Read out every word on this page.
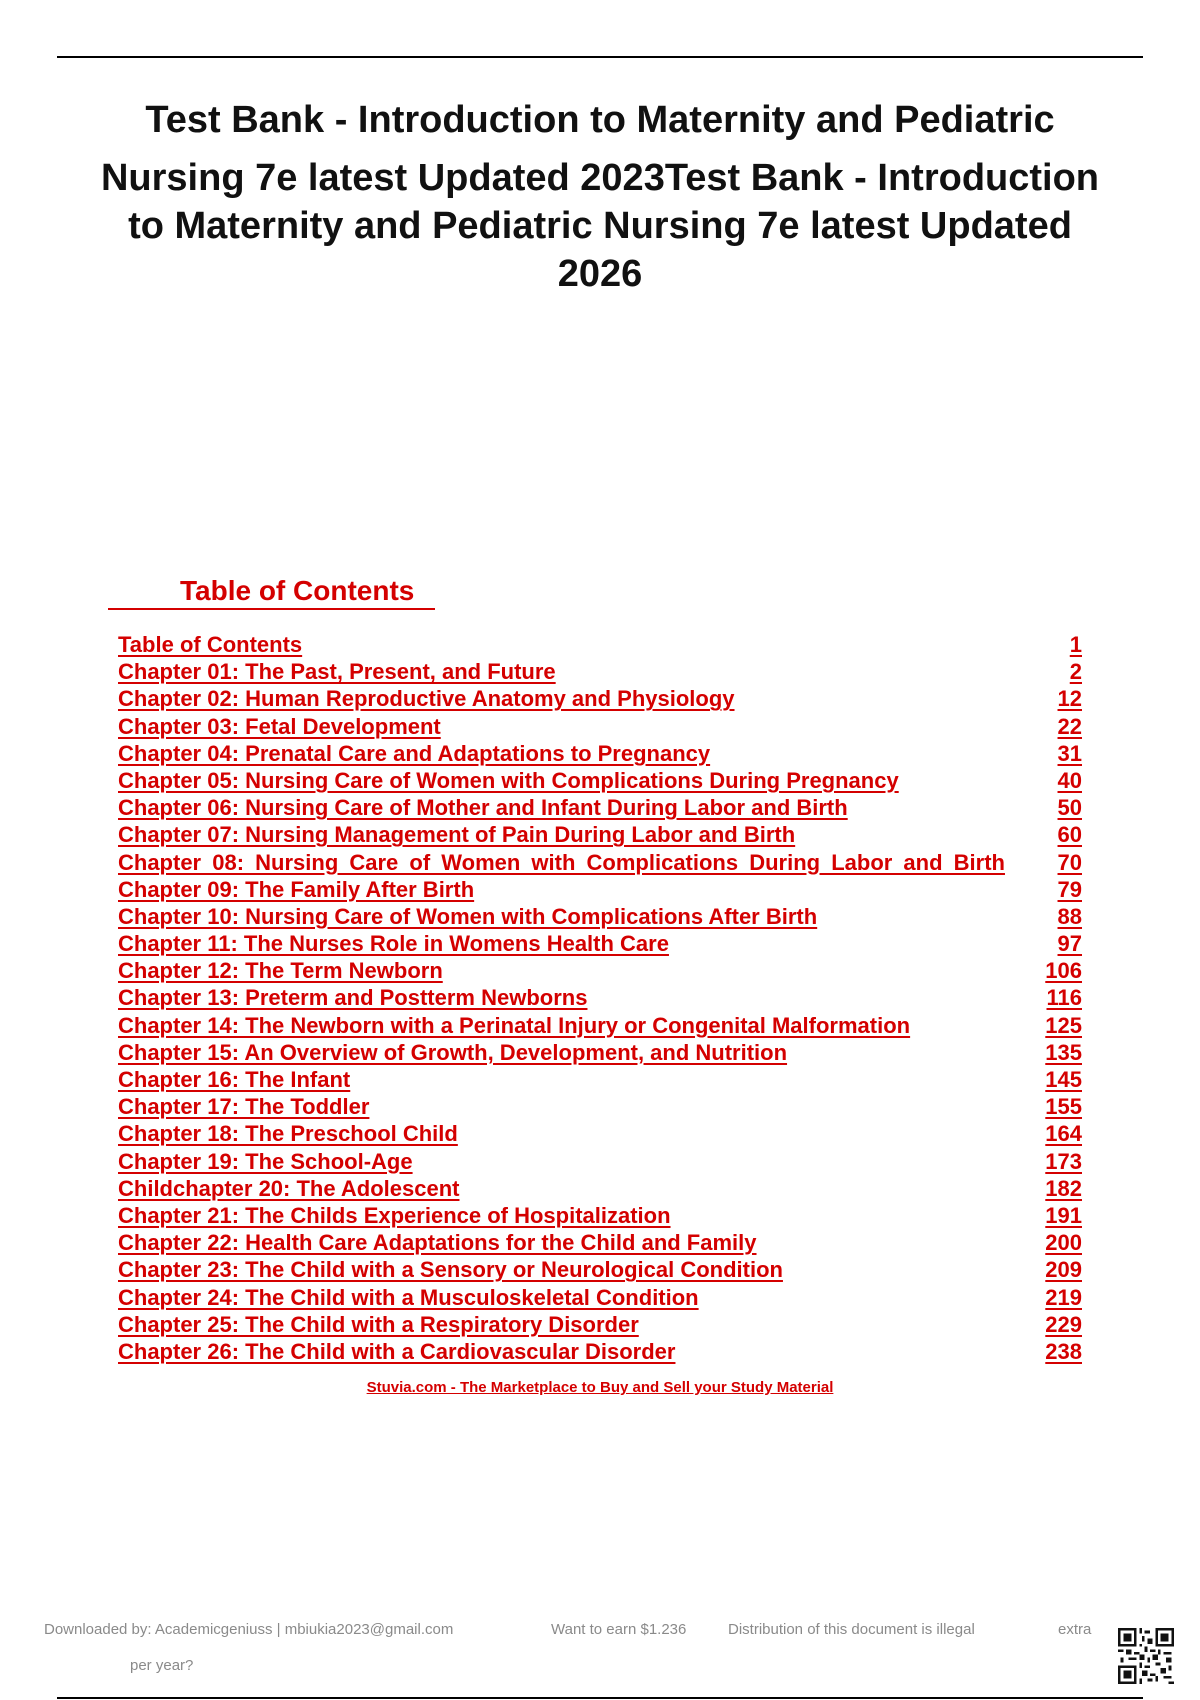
Test Bank - Introduction to Maternity and Pediatric
Nursing 7e latest Updated 2023Test Bank - Introduction
to Maternity and Pediatric Nursing 7e latest Updated
2026
Table of Contents
Table of Contents	1
Chapter 01: The Past, Present, and Future	2
Chapter 02: Human Reproductive Anatomy and Physiology	12
Chapter 03: Fetal Development	22
Chapter 04: Prenatal Care and Adaptations to Pregnancy	31
Chapter 05: Nursing Care of Women with Complications During Pregnancy	40
Chapter 06: Nursing Care of Mother and Infant During Labor and Birth	50
Chapter 07: Nursing Management of Pain During Labor and Birth	60
Chapter 08: Nursing Care of Women with Complications During Labor and Birth 70
Chapter 09: The Family After Birth	79
Chapter 10: Nursing Care of Women with Complications After Birth	88
Chapter 11: The Nurses Role in Womens Health Care	97
Chapter 12: The Term Newborn	106
Chapter 13: Preterm and Postterm Newborns	116
Chapter 14: The Newborn with a Perinatal Injury or Congenital Malformation	125
Chapter 15: An Overview of Growth, Development, and Nutrition	135
Chapter 16: The Infant	145
Chapter 17: The Toddler	155
Chapter 18: The Preschool Child	164
Chapter 19: The School-Age	173
Childchapter 20: The Adolescent	182
Chapter 21: The Childs Experience of Hospitalization	191
Chapter 22: Health Care Adaptations for the Child and Family	200
Chapter 23: The Child with a Sensory or Neurological Condition	209
Chapter 24: The Child with a Musculoskeletal Condition	219
Chapter 25: The Child with a Respiratory Disorder	229
Chapter 26: The Child with a Cardiovascular Disorder	238
Stuvia.com - The Marketplace to Buy and Sell your Study Material
Downloaded by: Academicgeniuss | mbiukia2023@gmail.com	Want to earn $1.236	Distribution of this document is illegal	extra
per year?
